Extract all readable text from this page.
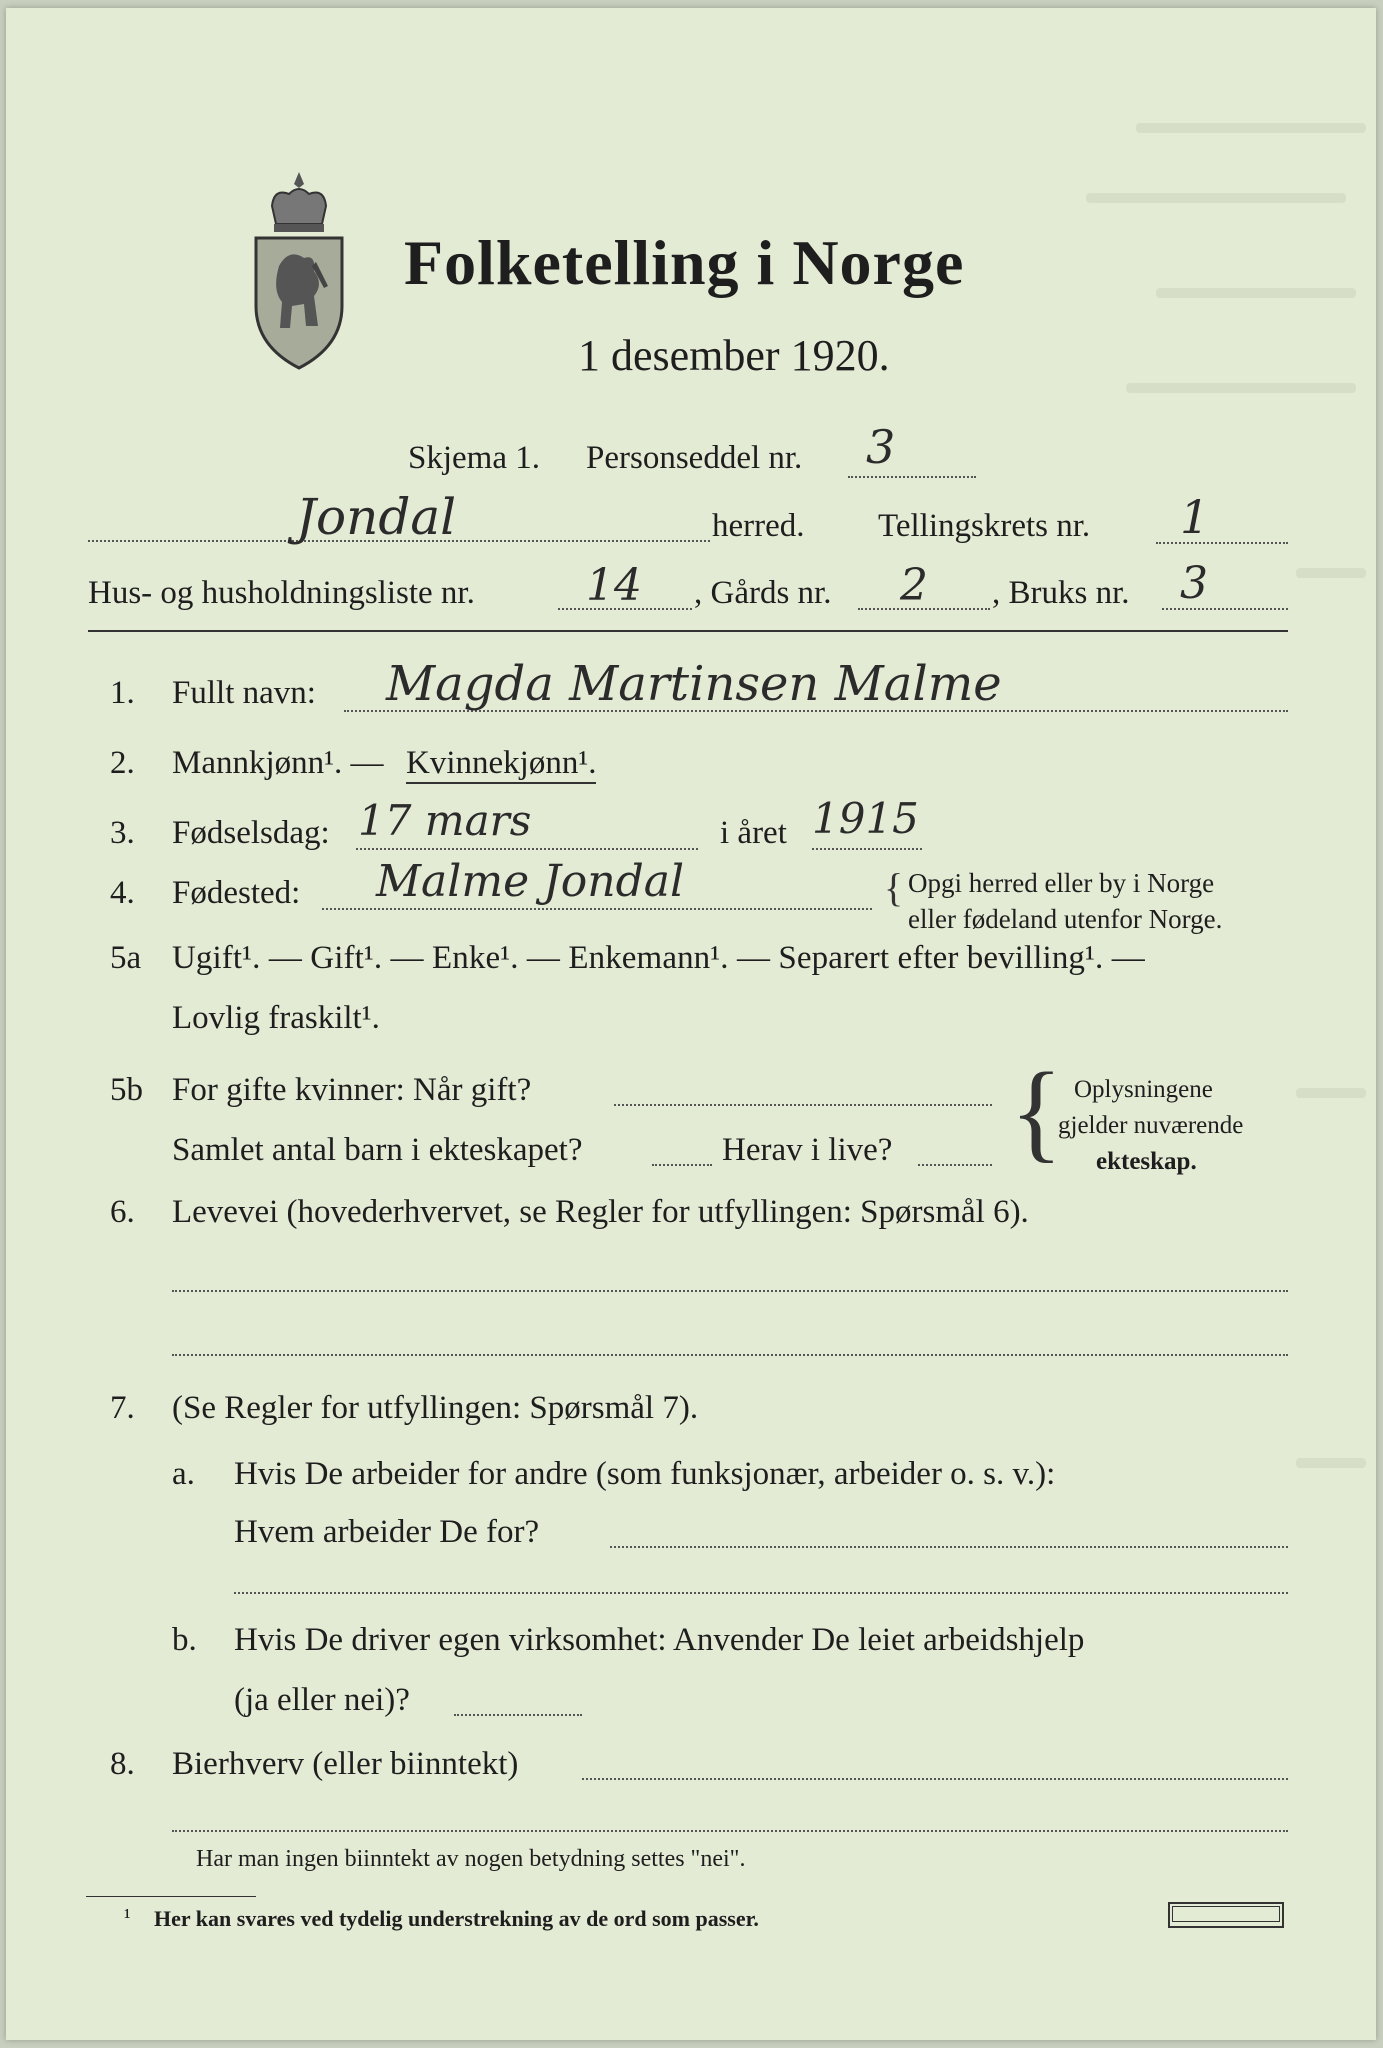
Folketelling i Norge
1 desember 1920.
Skjema 1. Personseddel nr. 3
Jondal	herred. Tellingskrets nr. 1
Hus- og husholdningsliste nr.	14 , Gårds nr. 2 , Bruks nr. 3
1. Fullt navn: Magda Martinsen Malme
2. Mannkjønn¹. — Kvinnekjønn¹.
3. Fødselsdag: 17 mars	i året 1915
4. Fødested: Malme Jondal	{ Opgi herred eller by i Norge
eller fødeland utenfor Norge.
5a Ugift¹. — Gift¹. — Enke¹. — Enkemann¹. — Separert efter bevilling¹. —
Lovlig fraskilt¹.
5b For gifte kvinner: Når gift?
Samlet antal barn i ekteskapet?	Herav i live? { Oplysningene
gjelder nuværende
ekteskap.
6. Levevei (hovederhvervet, se Regler for utfyllingen: Spørsmål 6).
7. (Se Regler for utfyllingen: Spørsmål 7).
a. Hvis De arbeider for andre (som funksjonær, arbeider o. s. v.):
Hvem arbeider De for?
b. Hvis De driver egen virksomhet: Anvender De leiet arbeidshjelp
(ja eller nei)?
8. Bierhverv (eller biinntekt)
Har man ingen biinntekt av nogen betydning settes "nei".
¹ Her kan svares ved tydelig understrekning av de ord som passer.
